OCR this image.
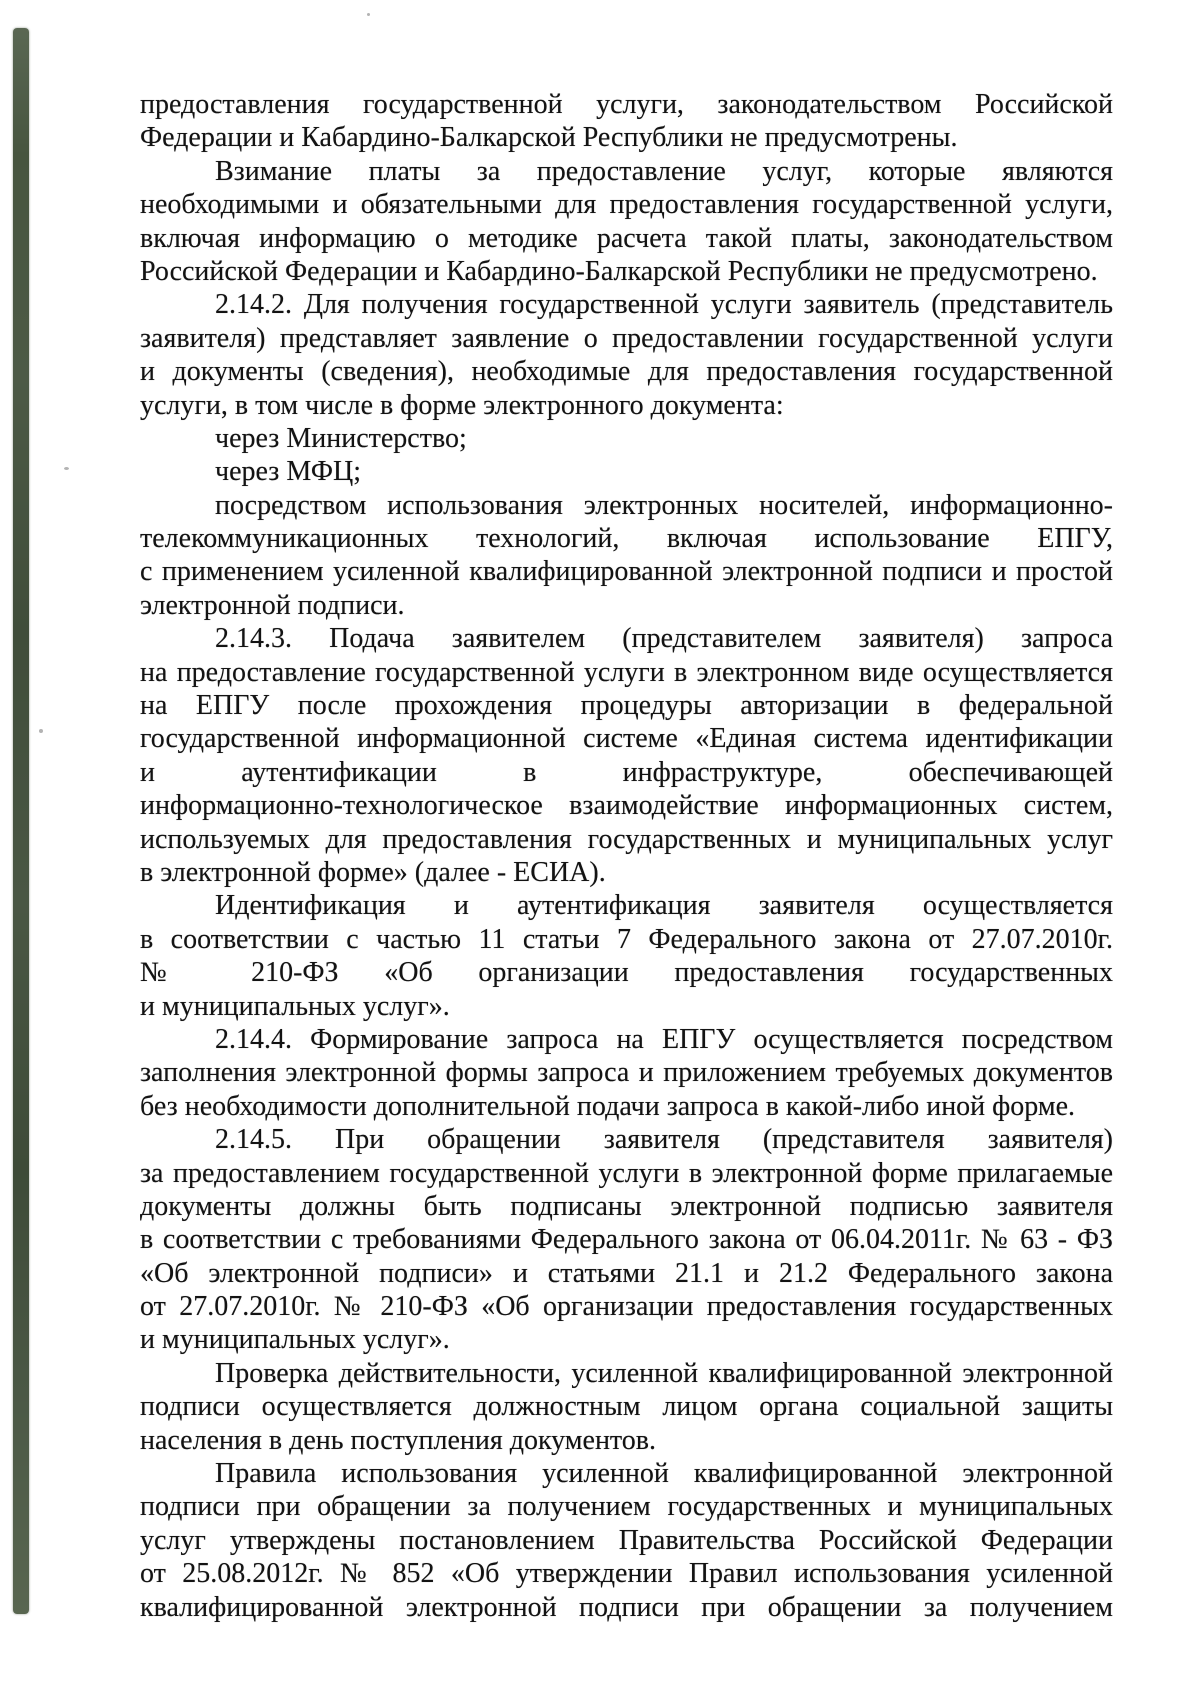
предоставления государственной услуги, законодательством Российской
Федерации и Кабардино-Балкарской Республики не предусмотрены.
Взимание платы за предоставление услуг, которые являются
необходимыми и обязательными для предоставления государственной услуги,
включая информацию о методике расчета такой платы, законодательством
Российской Федерации и Кабардино-Балкарской Республики не предусмотрено.
2.14.2. Для получения государственной услуги заявитель (представитель
заявителя) представляет заявление о предоставлении государственной услуги
и документы (сведения), необходимые для предоставления государственной
услуги, в том числе в форме электронного документа:
через Министерство;
через МФЦ;
посредством использования электронных носителей, информационно-
телекоммуникационных технологий, включая использование ЕПГУ,
с применением усиленной квалифицированной электронной подписи и простой
электронной подписи.
2.14.3. Подача заявителем (представителем заявителя) запроса
на предоставление государственной услуги в электронном виде осуществляется
на ЕПГУ после прохождения процедуры авторизации в федеральной
государственной информационной системе «Единая система идентификации
и аутентификации в инфраструктуре, обеспечивающей
информационно-технологическое взаимодействие информационных систем,
используемых для предоставления государственных и муниципальных услуг
в электронной форме» (далее - ЕСИА).
Идентификация и аутентификация заявителя осуществляется
в соответствии с частью 11 статьи 7 Федерального закона от 27.07.2010г.
№ 210-ФЗ «Об организации предоставления государственных
и муниципальных услуг».
2.14.4. Формирование запроса на ЕПГУ осуществляется посредством
заполнения электронной формы запроса и приложением требуемых документов
без необходимости дополнительной подачи запроса в какой-либо иной форме.
2.14.5. При обращении заявителя (представителя заявителя)
за предоставлением государственной услуги в электронной форме прилагаемые
документы должны быть подписаны электронной подписью заявителя
в соответствии с требованиями Федерального закона от 06.04.2011г. № 63 - ФЗ
«Об электронной подписи» и статьями 21.1 и 21.2 Федерального закона
от 27.07.2010г. № 210-ФЗ «Об организации предоставления государственных
и муниципальных услуг».
Проверка действительности, усиленной квалифицированной электронной
подписи осуществляется должностным лицом органа социальной защиты
населения в день поступления документов.
Правила использования усиленной квалифицированной электронной
подписи при обращении за получением государственных и муниципальных
услуг утверждены постановлением Правительства Российской Федерации
от 25.08.2012г. № 852 «Об утверждении Правил использования усиленной
квалифицированной электронной подписи при обращении за получением
